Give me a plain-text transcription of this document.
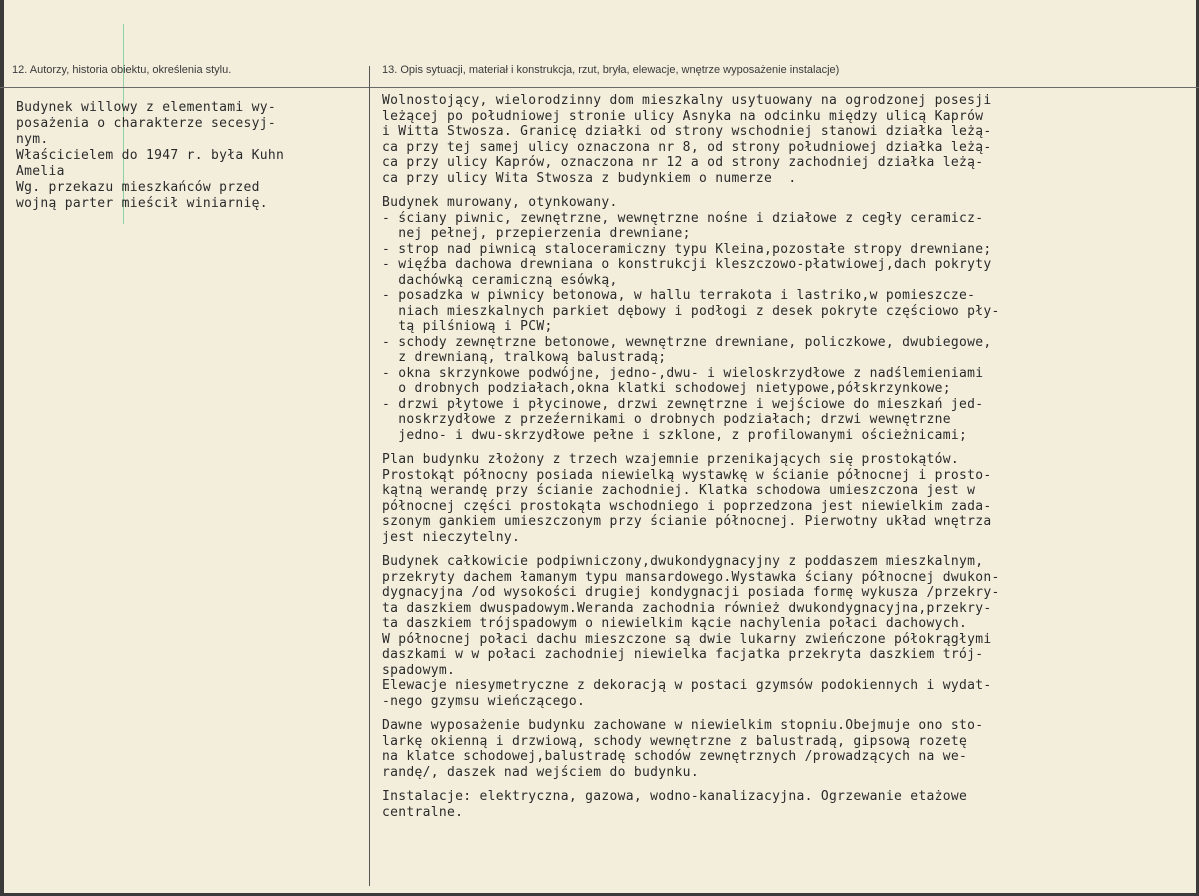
12. Autorzy, historia obiektu, określenia stylu.	13. Opis sytuacji, materiał i konstrukcja, rzut, bryła, elewacje, wnętrze wyposażenie instalacje)
Budynek willowy z elementami wy-
posażenia o charakterze secesyj-
nym.
Właścicielem do 1947 r. była Kuhn
Amelia
Wg. przekazu mieszkańców przed
wojną parter mieścił winiarnię.
Wolnostojący, wielorodzinny dom mieszkalny usytuowany na ogrodzonej posesji
leżącej po południowej stronie ulicy Asnyka na odcinku między ulicą Kaprów
i Witta Stwosza. Granicę działki od strony wschodniej stanowi działka leżą-
ca przy tej samej ulicy oznaczona nr 8, od strony południowej działka leżą-
ca przy ulicy Kaprów, oznaczona nr 12 a od strony zachodniej działka leżą-
ca przy ulicy Wita Stwosza z budynkiem o numerze  .
Budynek murowany, otynkowany.
- ściany piwnic, zewnętrzne, wewnętrzne nośne i działowe z cegły ceramicz-
nej pełnej, przepierzenia drewniane;
- strop nad piwnicą staloceramiczny typu Kleina,pozostałe stropy drewniane;
- więźba dachowa drewniana o konstrukcji kleszczowo-płatwiowej,dach pokryty
dachówką ceramiczną esówką,
- posadzka w piwnicy betonowa, w hallu terrakota i lastriko,w pomieszcze-
niach mieszkalnych parkiet dębowy i podłogi z desek pokryte częściowo pły-
tą pilśniową i PCW;
- schody zewnętrzne betonowe, wewnętrzne drewniane, policzkowe, dwubiegowe,
z drewnianą, tralkową balustradą;
- okna skrzynkowe podwójne, jedno-,dwu- i wieloskrzydłowe z nadślemieniami
o drobnych podziałach,okna klatki schodowej nietypowe,półskrzynkowe;
- drzwi płytowe i płycinowe, drzwi zewnętrzne i wejściowe do mieszkań jed-
noskrzydłowe z przeźernikami o drobnych podziałach; drzwi wewnętrzne
jedno- i dwu-skrzydłowe pełne i szklone, z profilowanymi ościeżnicami;
Plan budynku złożony z trzech wzajemnie przenikających się prostokątów.
Prostokąt północny posiada niewielką wystawkę w ścianie północnej i prosto-
kątną werandę przy ścianie zachodniej. Klatka schodowa umieszczona jest w
północnej części prostokąta wschodniego i poprzedzona jest niewielkim zada-
szonym gankiem umieszczonym przy ścianie północnej. Pierwotny układ wnętrza
jest nieczytelny.
Budynek całkowicie podpiwniczony,dwukondygnacyjny z poddaszem mieszkalnym,
przekryty dachem łamanym typu mansardowego.Wystawka ściany północnej dwukon-
dygnacyjna /od wysokości drugiej kondygnacji posiada formę wykusza /przekry-
ta daszkiem dwuspadowym.Weranda zachodnia również dwukondygnacyjna,przekry-
ta daszkiem trójspadowym o niewielkim kącie nachylenia połaci dachowych.
W północnej połaci dachu mieszczone są dwie lukarny zwieńczone półokrągłymi
daszkami w w połaci zachodniej niewielka facjatka przekryta daszkiem trój-
spadowym.
Elewacje niesymetryczne z dekoracją w postaci gzymsów podokiennych i wydat-
-nego gzymsu wieńczącego.
Dawne wyposażenie budynku zachowane w niewielkim stopniu.Obejmuje ono sto-
larkę okienną i drzwiową, schody wewnętrzne z balustradą, gipsową rozetę
na klatce schodowej,balustradę schodów zewnętrznych /prowadzących na we-
randę/, daszek nad wejściem do budynku.
Instalacje: elektryczna, gazowa, wodno-kanalizacyjna. Ogrzewanie etażowe
centralne.
